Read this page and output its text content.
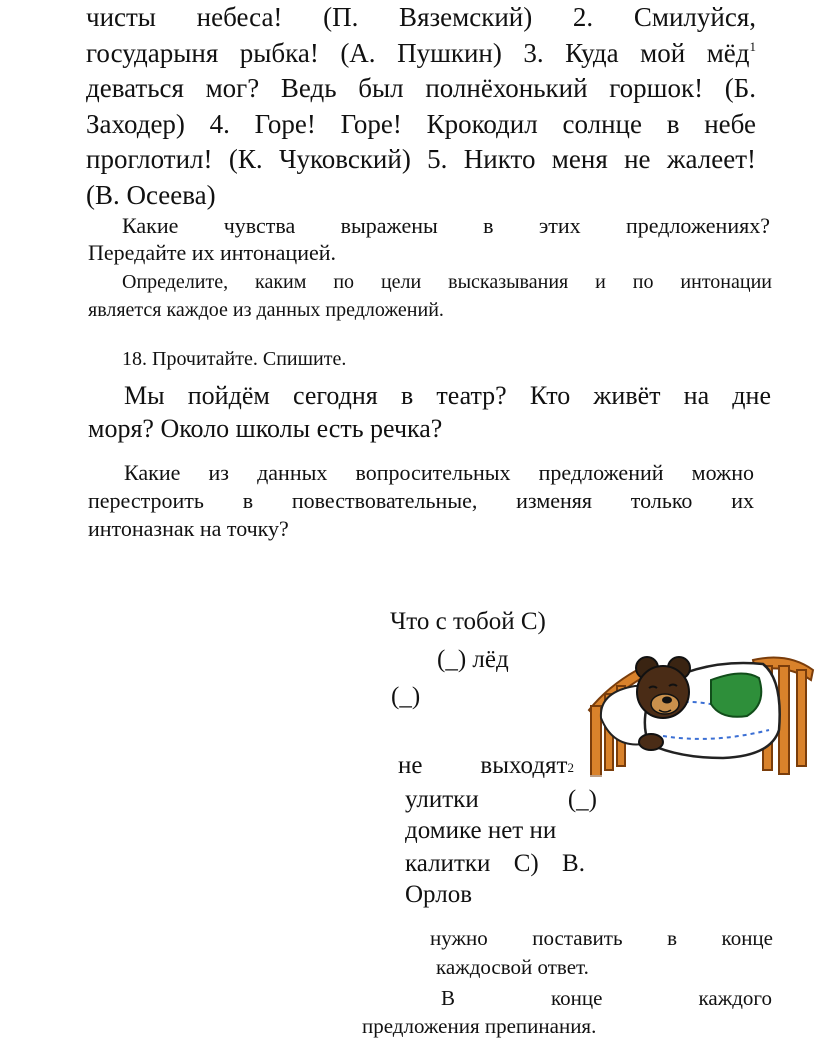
чисты небеса! (П. Вяземский) 2. Смилуйся,
государыня рыбка! (А. Пушкин) 3. Куда мой мёд$^1$
деваться мог? Ведь был полнёхонький горшок! (Б.
Заходер) 4. Горе! Горе! Крокодил солнце в небе
проглотил! (К. Чуковский) 5. Никто меня не жалеет!
(В. Осеева)
Какие чувства выражены в этих предложениях?
Передайте их интонацией.
Определите, каким по цели высказывания и по интонации
является каждое из данных предложений.
18. Прочитайте. Спишите.
Мы пойдём сегодня в театр? Кто живёт на дне
моря? Около школы есть речка?
Какие из данных вопросительных предложений можно
перестроить в повествовательные, изменяя только их
интоназнак на точку?
Что с тобой С)
(_) лёд
(_)
не выходят$^2$
улитки (_)
домике нет ни
калитки С) В.
Орлов
нужно поставить в конце
каждосвой ответ.
В конце каждого
предложения препинания.
